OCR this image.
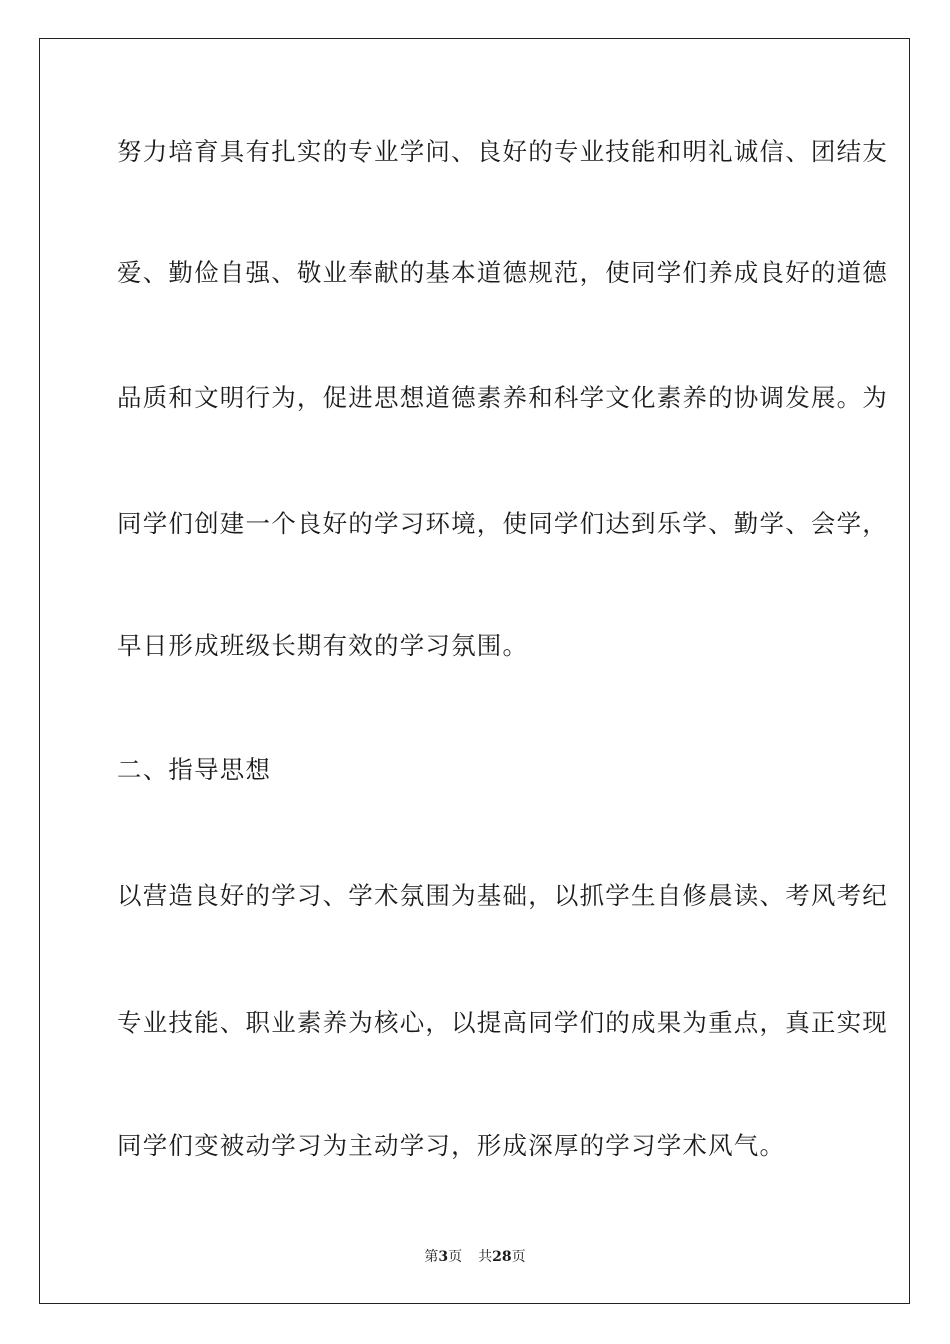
努力培育具有扎实的专业学问、良好的专业技能和明礼诚信、团结友
爱、勤俭自强、敬业奉献的基本道德规范，使同学们养成良好的道德
品质和文明行为，促进思想道德素养和科学文化素养的协调发展。为
同学们创建一个良好的学习环境，使同学们达到乐学、勤学、会学，
早日形成班级长期有效的学习氛围。
二、指导思想
以营造良好的学习、学术氛围为基础，以抓学生自修晨读、考风考纪
专业技能、职业素养为核心，以提高同学们的成果为重点，真正实现
同学们变被动学习为主动学习，形成深厚的学习学术风气。
第3页 共28页
